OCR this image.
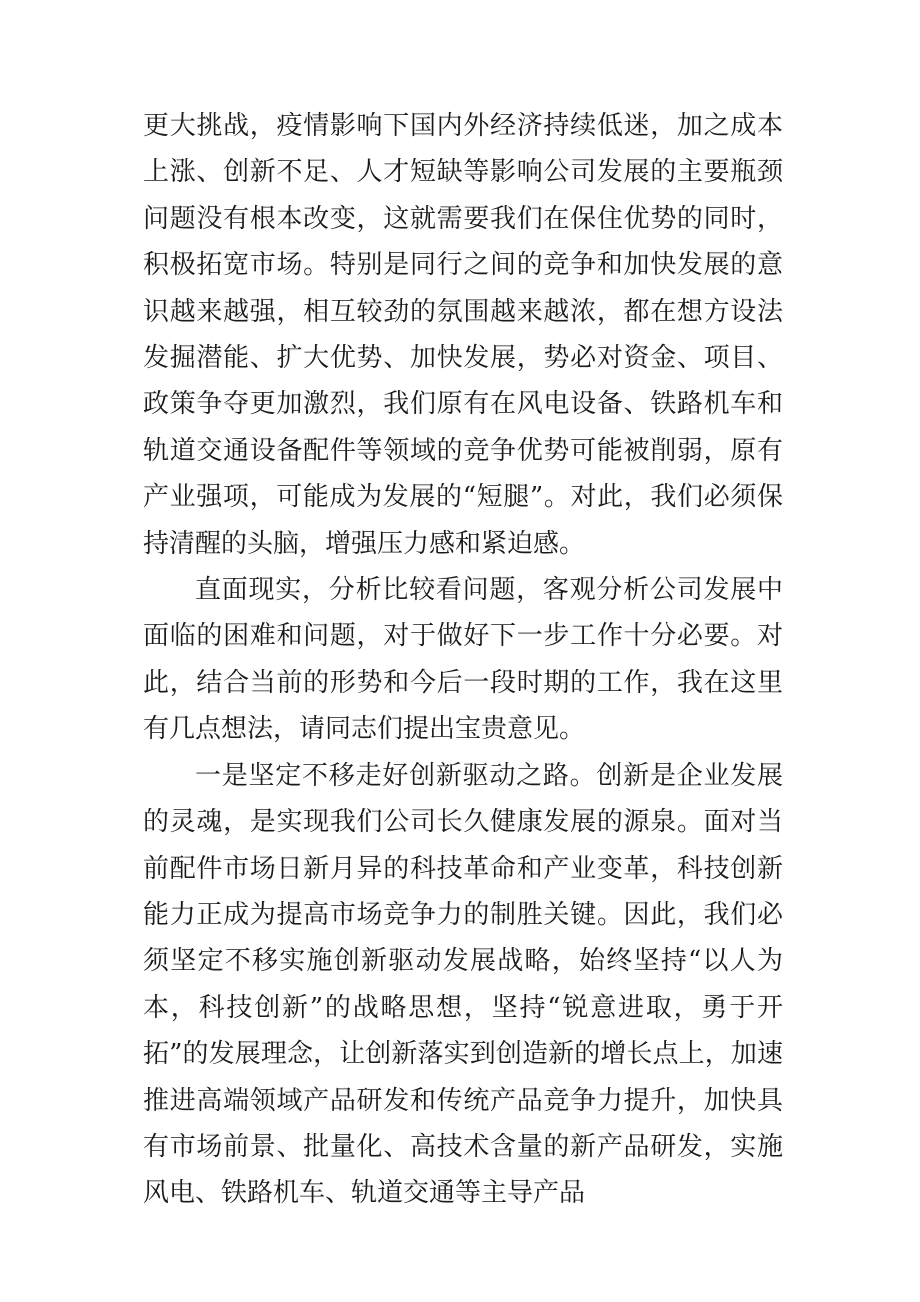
更大挑战，疫情影响下国内外经济持续低迷，加之成本上涨、创新不足、人才短缺等影响公司发展的主要瓶颈问题没有根本改变，这就需要我们在保住优势的同时，积极拓宽市场。特别是同行之间的竞争和加快发展的意识越来越强，相互较劲的氛围越来越浓，都在想方设法发掘潜能、扩大优势、加快发展，势必对资金、项目、政策争夺更加激烈，我们原有在风电设备、铁路机车和轨道交通设备配件等领域的竞争优势可能被削弱，原有产业强项，可能成为发展的“短腿”。对此，我们必须保持清醒的头脑，增强压力感和紧迫感。

直面现实，分析比较看问题，客观分析公司发展中面临的困难和问题，对于做好下一步工作十分必要。对此，结合当前的形势和今后一段时期的工作，我在这里有几点想法，请同志们提出宝贵意见。

一是坚定不移走好创新驱动之路。创新是企业发展的灵魂，是实现我们公司长久健康发展的源泉。面对当前配件市场日新月异的科技革命和产业变革，科技创新能力正成为提高市场竞争力的制胜关键。因此，我们必须坚定不移实施创新驱动发展战略，始终坚持“以人为本，科技创新”的战略思想，坚持“锐意进取，勇于开拓”的发展理念，让创新落实到创造新的增长点上，加速推进高端领域产品研发和传统产品竞争力提升，加快具有市场前景、批量化、高技术含量的新产品研发，实施风电、铁路机车、轨道交通等主导产品
